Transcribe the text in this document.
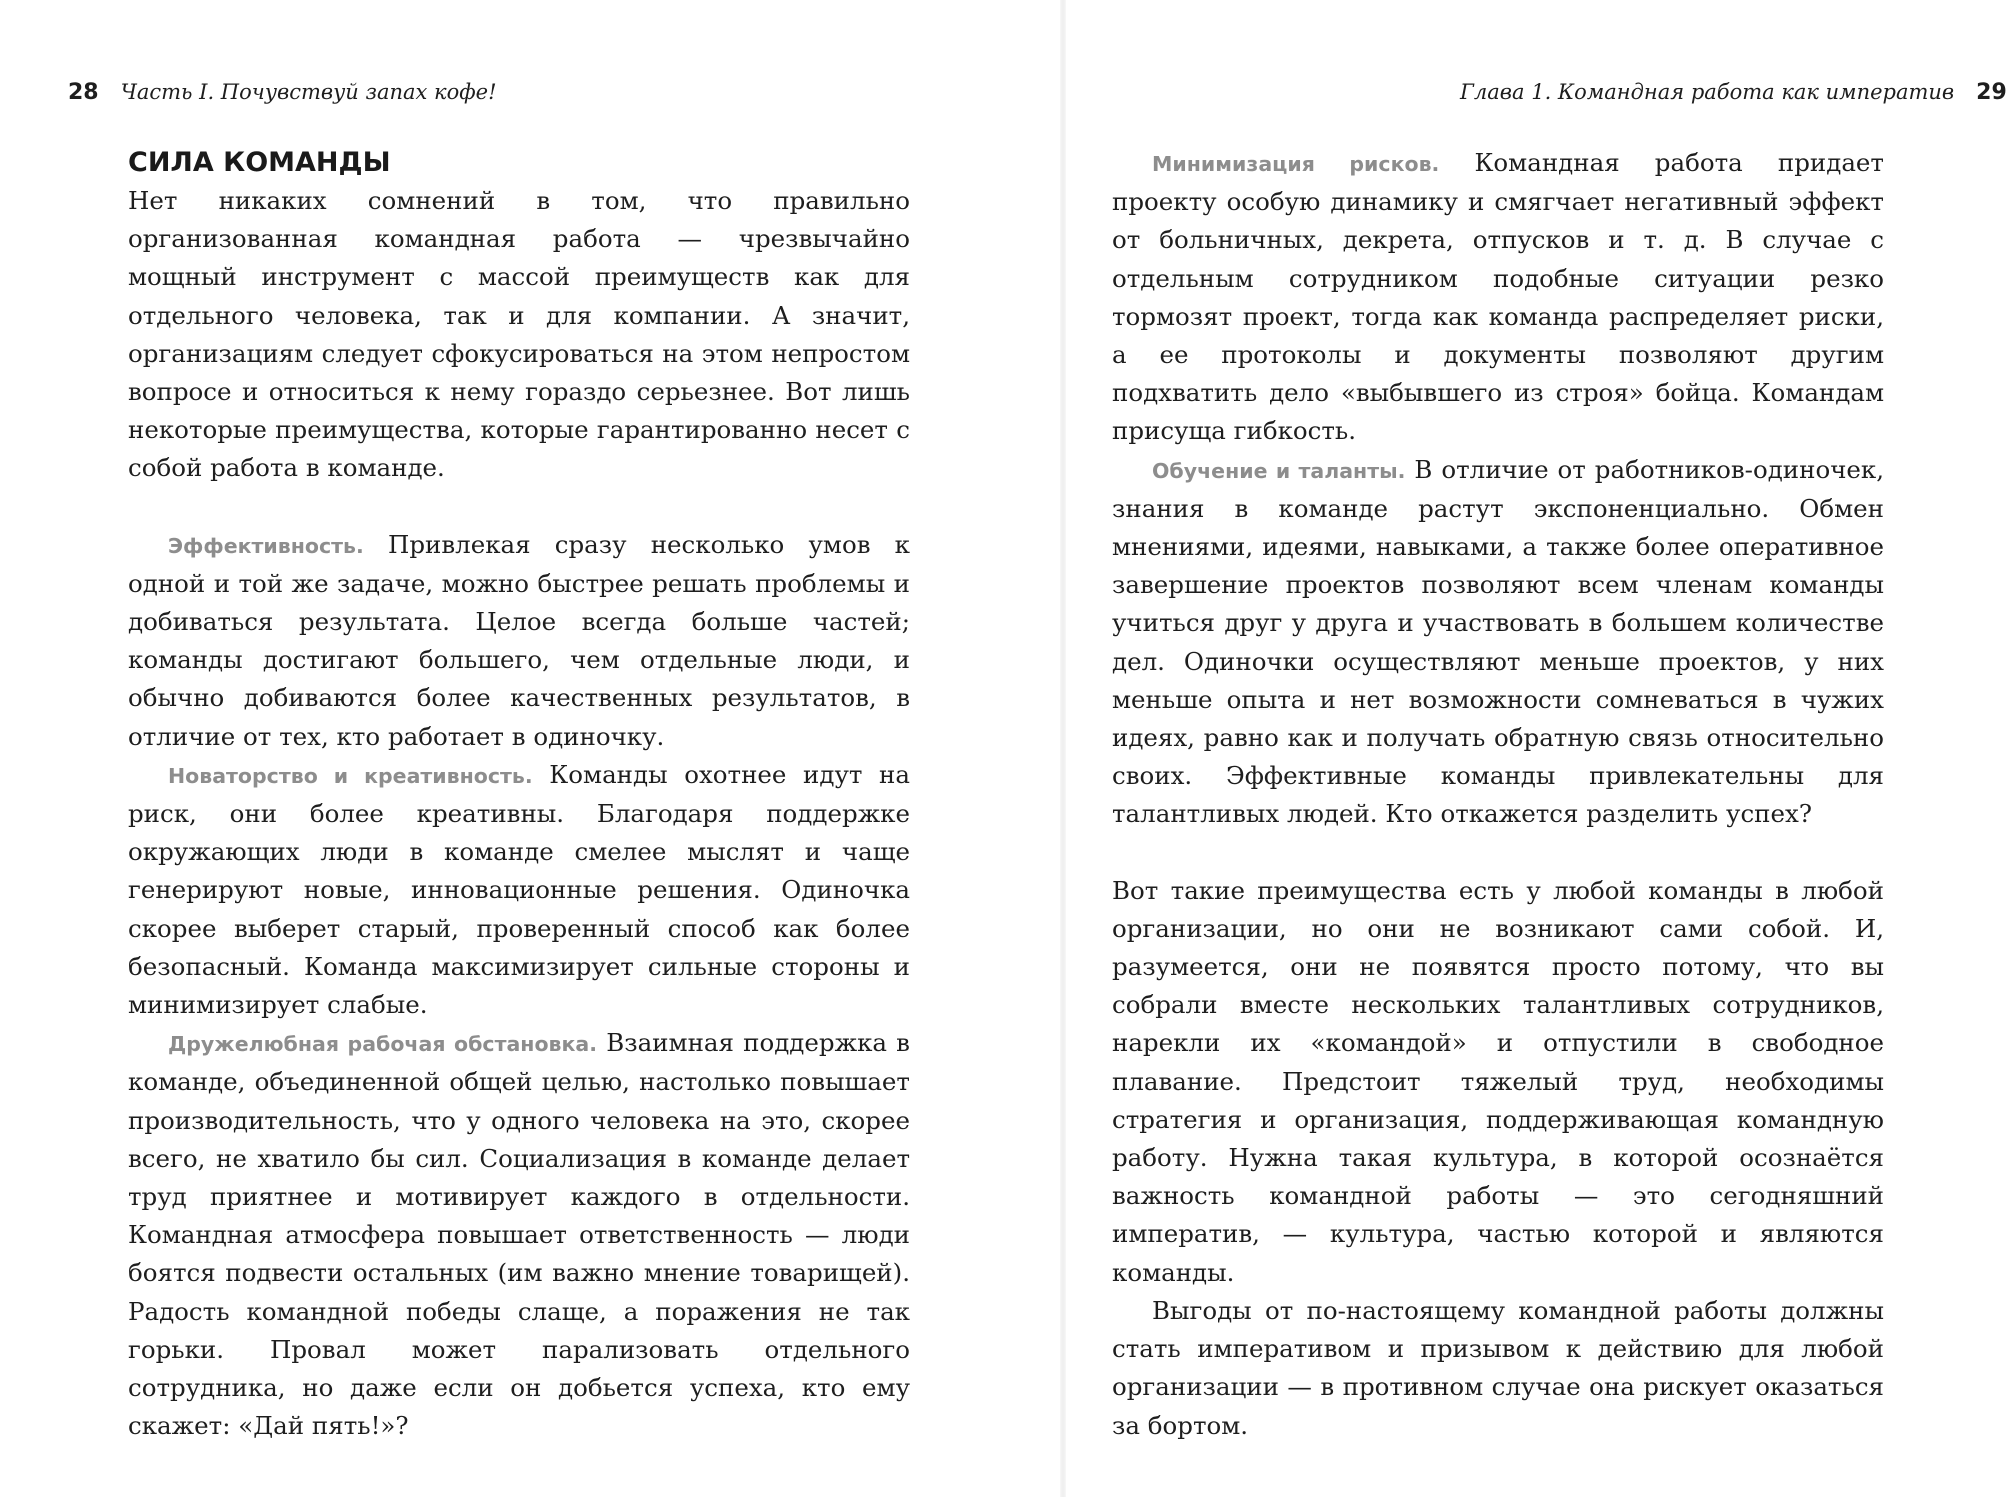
28 Часть I. Почувствуй запах кофе!
СИЛА КОМАНДЫ

Нет никаких сомнений в том, что правильно организованная командная работа — чрезвычайно мощный инструмент с массой преимуществ как для отдельного человека, так и для компании. А значит, организациям следует сфокусироваться на этом непростом вопросе и относиться к нему гораздо серьезнее. Вот лишь некоторые преимущества, которые гарантированно несет с собой работа в команде.

Эффективность. Привлекая сразу несколько умов к одной и той же задаче, можно быстрее решать проблемы и добиваться результата. Целое всегда больше частей; команды достигают большего, чем отдельные люди, и обычно добиваются более качественных результатов, в отличие от тех, кто работает в одиночку.

Новаторство и креативность. Команды охотнее идут на риск, они более креативны. Благодаря поддержке окружающих люди в команде смелее мыслят и чаще генерируют новые, инновационные решения. Одиночка скорее выберет старый, проверенный способ как более безопасный. Команда максимизирует сильные стороны и минимизирует слабые.

Дружелюбная рабочая обстановка. Взаимная поддержка в команде, объединенной общей целью, настолько повышает производительность, что у одного человека на это, скорее всего, не хватило бы сил. Социализация в команде делает труд приятнее и мотивирует каждого в отдельности. Командная атмосфера повышает ответственность — люди боятся подвести остальных (им важно мнение товарищей). Радость командной победы слаще, а поражения не так горьки. Провал может парализовать отдельного сотрудника, но даже если он добьется успеха, кто ему скажет: «Дай пять!»?

Глава 1. Командная работа как императив 29

Минимизация рисков. Командная работа придает проекту особую динамику и смягчает негативный эффект от больничных, декрета, отпусков и т. д. В случае с отдельным сотрудником подобные ситуации резко тормозят проект, тогда как команда распределяет риски, а ее протоколы и документы позволяют другим подхватить дело «выбывшего из строя» бойца. Командам присуща гибкость.

Обучение и таланты. В отличие от работников-одиночек, знания в команде растут экспоненциально. Обмен мнениями, идеями, навыками, а также более оперативное завершение проектов позволяют всем членам команды учиться друг у друга и участвовать в большем количестве дел. Одиночки осуществляют меньше проектов, у них меньше опыта и нет возможности сомневаться в чужих идеях, равно как и получать обратную связь относительно своих. Эффективные команды привлекательны для талантливых людей. Кто откажется разделить успех?

Вот такие преимущества есть у любой команды в любой организации, но они не возникают сами собой. И, разумеется, они не появятся просто потому, что вы собрали вместе нескольких талантливых сотрудников, нарекли их «командой» и отпустили в свободное плавание. Предстоит тяжелый труд, необходимы стратегия и организация, поддерживающая командную работу. Нужна такая культура, в которой осознаётся важность командной работы — это сегодняшний императив, — культура, частью которой и являются команды.

Выгоды от по-настоящему командной работы должны стать императивом и призывом к действию для любой организации — в противном случае она рискует оказаться за бортом.
